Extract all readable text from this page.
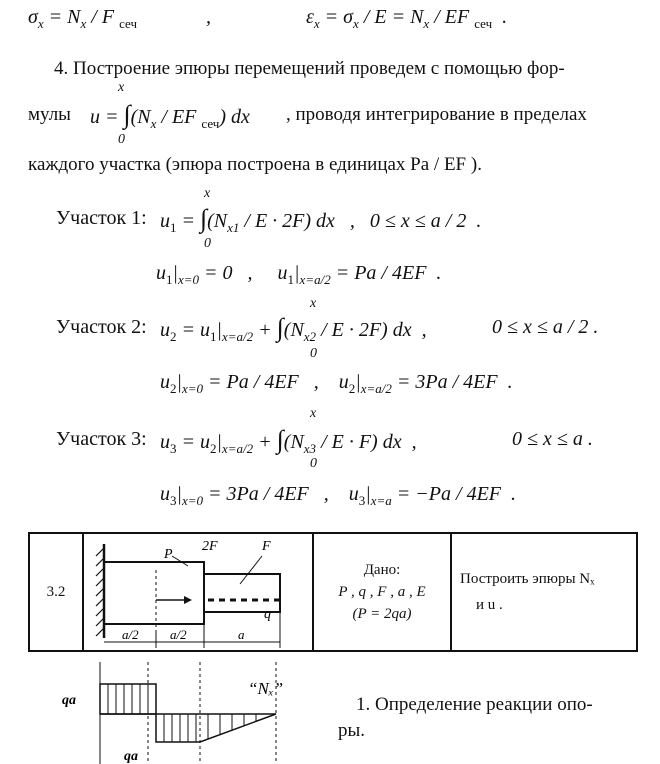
$\sigma_x = N_x / F$ $_{сеч}$	,	$\varepsilon_x = \sigma_x / E = N_x$ / EF $_{сеч}$  .
4. Построение эпюры перемещений проведем с помощью фор-
x
мулы $u = \int(N_x$ / EF $_{сеч}$) dx
0
, проводя интегрирование в пределах
каждого участка (эпюра построена в единицах Pa / EF ).
x
Участок 1: $u_1 = \int(N_{x1} / E \cdot 2F)$ dx   ,   0 ≤ x ≤ a / 2  .
0
$u_1|_{x=0} = 0$   ,     $u_1|_{x=a/2} = Pa / 4EF$  .
x
Участок 2: $u_2 = u_1|_{x=a/2} + \int(N_{x2} / E \cdot 2F)$ dx  ,	0 ≤ x ≤ a / 2 .
0
$u_2|_{x=0} = Pa / 4EF$   ,    $u_2|_{x=a/2} = 3Pa / 4EF$  .
x
Участок 3: $u_3 = u_2|_{x=a/2} + \int(N_{x3} / E \cdot F)$ dx  ,	0 ≤ x ≤ a .
0
$u_3|_{x=0} = 3Pa / 4EF$   ,    $u_3|_{x=a} = -Pa / 4EF$  .
3.2	
2F	F
P
q
a/2 a/2	a

Дано:
P , q , F , a , E
(P = 2qa)

Построить эпюры Nₓ
и u .
qa
qa
“Nₓ”
1. Определение реакции опо-
ры.
